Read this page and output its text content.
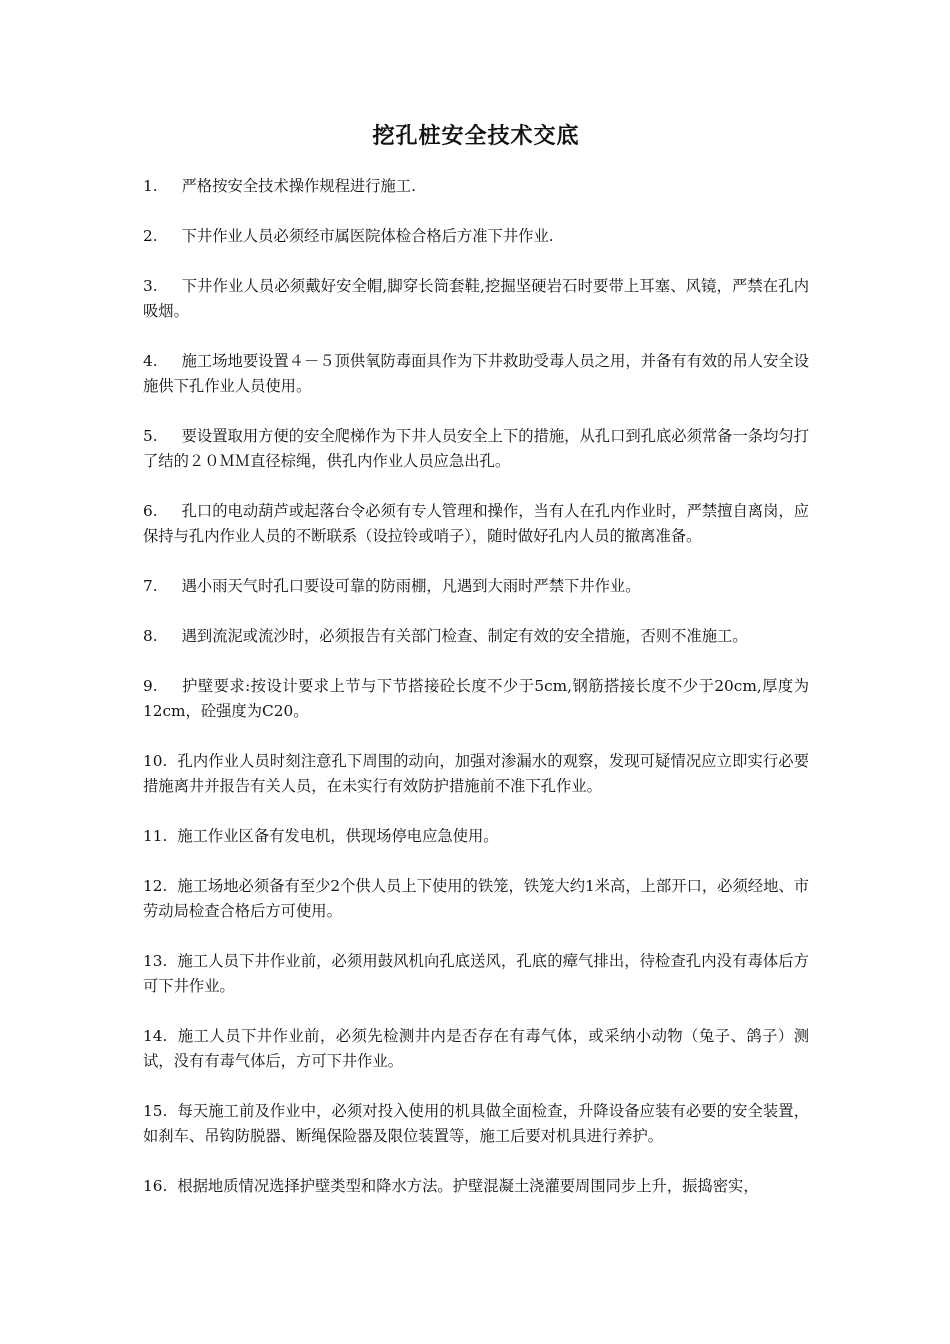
挖孔桩安全技术交底
1. 严格按安全技术操作规程进行施工.
2. 下井作业人员必须经市属医院体检合格后方准下井作业.
3. 下井作业人员必须戴好安全帽,脚穿长筒套鞋,挖掘坚硬岩石时要带上耳塞、风镜，严禁在孔内吸烟。
4. 施工场地要设置４－５顶供氧防毒面具作为下井救助受毒人员之用，并备有有效的吊人安全设施供下孔作业人员使用。
5. 要设置取用方便的安全爬梯作为下井人员安全上下的措施，从孔口到孔底必须常备一条均匀打了结的２０ＭＭ直径棕绳，供孔内作业人员应急出孔。
6. 孔口的电动葫芦或起落台令必须有专人管理和操作，当有人在孔内作业时，严禁擅自离岗，应保持与孔内作业人员的不断联系（设拉铃或哨子），随时做好孔内人员的撤离准备。
7. 遇小雨天气时孔口要设可靠的防雨棚，凡遇到大雨时严禁下井作业。
8. 遇到流泥或流沙时，必须报告有关部门检查、制定有效的安全措施，否则不准施工。
9. 护壁要求:按设计要求上节与下节搭接砼长度不少于5cm,钢筋搭接长度不少于20cm,厚度为12cm，砼强度为C20。
10. 孔内作业人员时刻注意孔下周围的动向，加强对渗漏水的观察，发现可疑情况应立即实行必要措施离井并报告有关人员，在未实行有效防护措施前不准下孔作业。
11. 施工作业区备有发电机，供现场停电应急使用。
12. 施工场地必须备有至少2个供人员上下使用的铁笼，铁笼大约1米高，上部开口，必须经地、市劳动局检查合格后方可使用。
13. 施工人员下井作业前，必须用鼓风机向孔底送风，孔底的瘴气排出，待检查孔内没有毒体后方可下井作业。
14. 施工人员下井作业前，必须先检测井内是否存在有毒气体，或采纳小动物（兔子、鸽子）测试，没有有毒气体后，方可下井作业。
15. 每天施工前及作业中，必须对投入使用的机具做全面检查，升降设备应装有必要的安全装置，如刹车、吊钩防脱器、断绳保险器及限位装置等，施工后要对机具进行养护。
16. 根据地质情况选择护壁类型和降水方法。护壁混凝土浇灌要周围同步上升，振捣密实，
